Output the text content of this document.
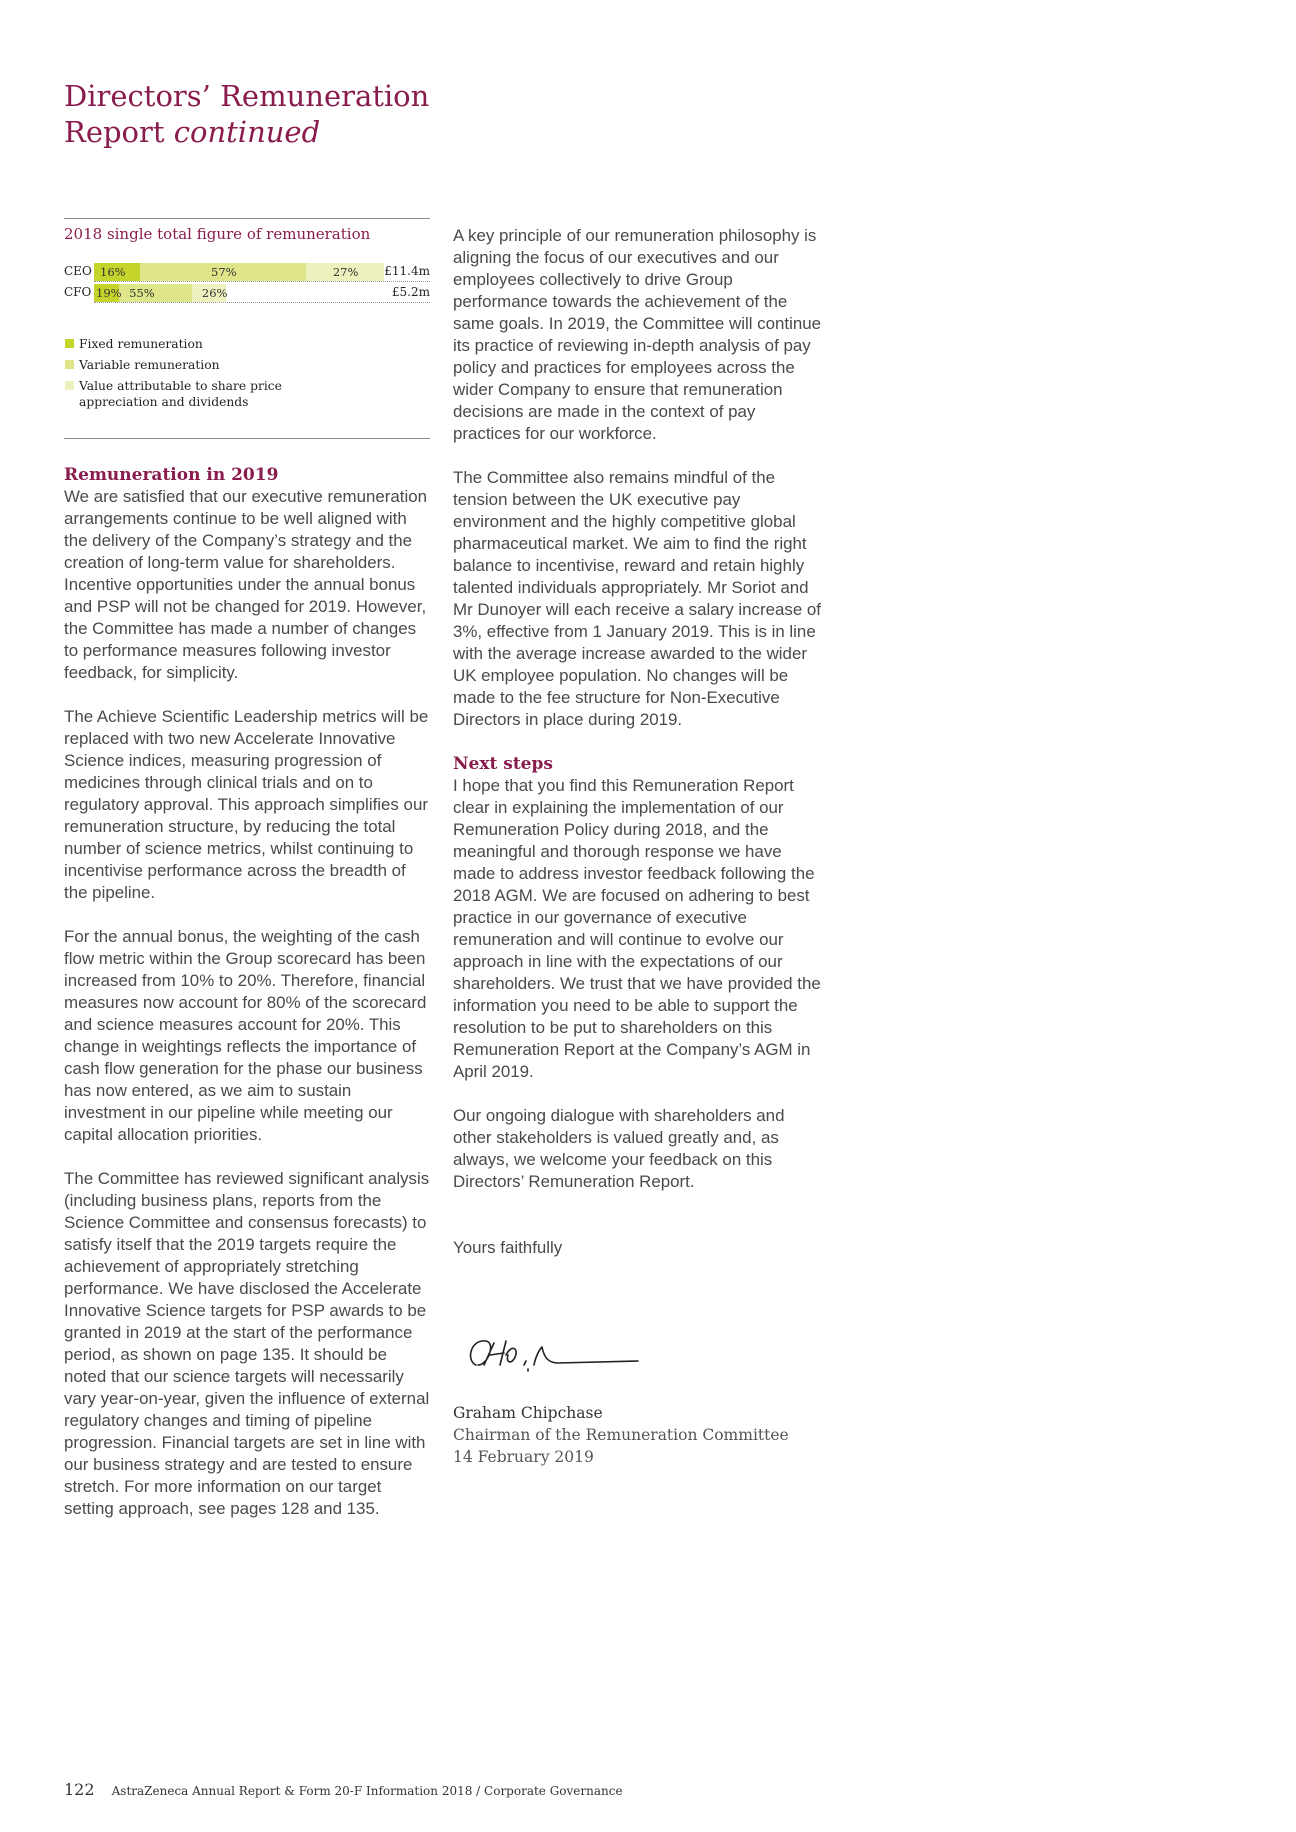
Directors’ Remuneration
Report continued
2018 single total figure of remuneration
CEO 16%	57%	27% £11.4m
CFO 19% 55%	26%	£5.2m
Fixed remuneration
Variable remuneration
Value attributable to share price
appreciation and dividends
Remuneration in 2019

We are satisfied that our executive remuneration arrangements continue to be well aligned with the delivery of the Company’s strategy and the creation of long-term value for shareholders. Incentive opportunities under the annual bonus and PSP will not be changed for 2019. However, the Committee has made a number of changes to performance measures following investor feedback, for simplicity.

The Achieve Scientific Leadership metrics will be replaced with two new Accelerate Innovative Science indices, measuring progression of medicines through clinical trials and on to regulatory approval. This approach simplifies our remuneration structure, by reducing the total number of science metrics, whilst continuing to incentivise performance across the breadth of the pipeline.

For the annual bonus, the weighting of the cash flow metric within the Group scorecard has been increased from 10% to 20%. Therefore, financial measures now account for 80% of the scorecard and science measures account for 20%. This change in weightings reflects the importance of cash flow generation for the phase our business has now entered, as we aim to sustain investment in our pipeline while meeting our capital allocation priorities.

The Committee has reviewed significant analysis (including business plans, reports from the Science Committee and consensus forecasts) to satisfy itself that the 2019 targets require the achievement of appropriately stretching performance. We have disclosed the Accelerate Innovative Science targets for PSP awards to be granted in 2019 at the start of the performance period, as shown on page 135. It should be noted that our science targets will necessarily vary year-on-year, given the influence of external regulatory changes and timing of pipeline progression. Financial targets are set in line with our business strategy and are tested to ensure stretch. For more information on our target setting approach, see pages 128 and 135.

A key principle of our remuneration philosophy is aligning the focus of our executives and our employees collectively to drive Group performance towards the achievement of the same goals. In 2019, the Committee will continue its practice of reviewing in-depth analysis of pay policy and practices for employees across the wider Company to ensure that remuneration decisions are made in the context of pay practices for our workforce.

The Committee also remains mindful of the tension between the UK executive pay environment and the highly competitive global pharmaceutical market. We aim to find the right balance to incentivise, reward and retain highly talented individuals appropriately. Mr Soriot and Mr Dunoyer will each receive a salary increase of 3%, effective from 1 January 2019. This is in line with the average increase awarded to the wider UK employee population. No changes will be made to the fee structure for Non-Executive Directors in place during 2019.

Next steps

I hope that you find this Remuneration Report clear in explaining the implementation of our Remuneration Policy during 2018, and the meaningful and thorough response we have made to address investor feedback following the 2018 AGM. We are focused on adhering to best practice in our governance of executive remuneration and will continue to evolve our approach in line with the expectations of our shareholders. We trust that we have provided the information you need to be able to support the resolution to be put to shareholders on this Remuneration Report at the Company’s AGM in April 2019.

Our ongoing dialogue with shareholders and other stakeholders is valued greatly and, as always, we welcome your feedback on this Directors’ Remuneration Report.

Yours faithfully

Graham Chipchase
Chairman of the Remuneration Committee
14 February 2019
122 AstraZeneca Annual Report & Form 20-F Information 2018 / Corporate Governance
